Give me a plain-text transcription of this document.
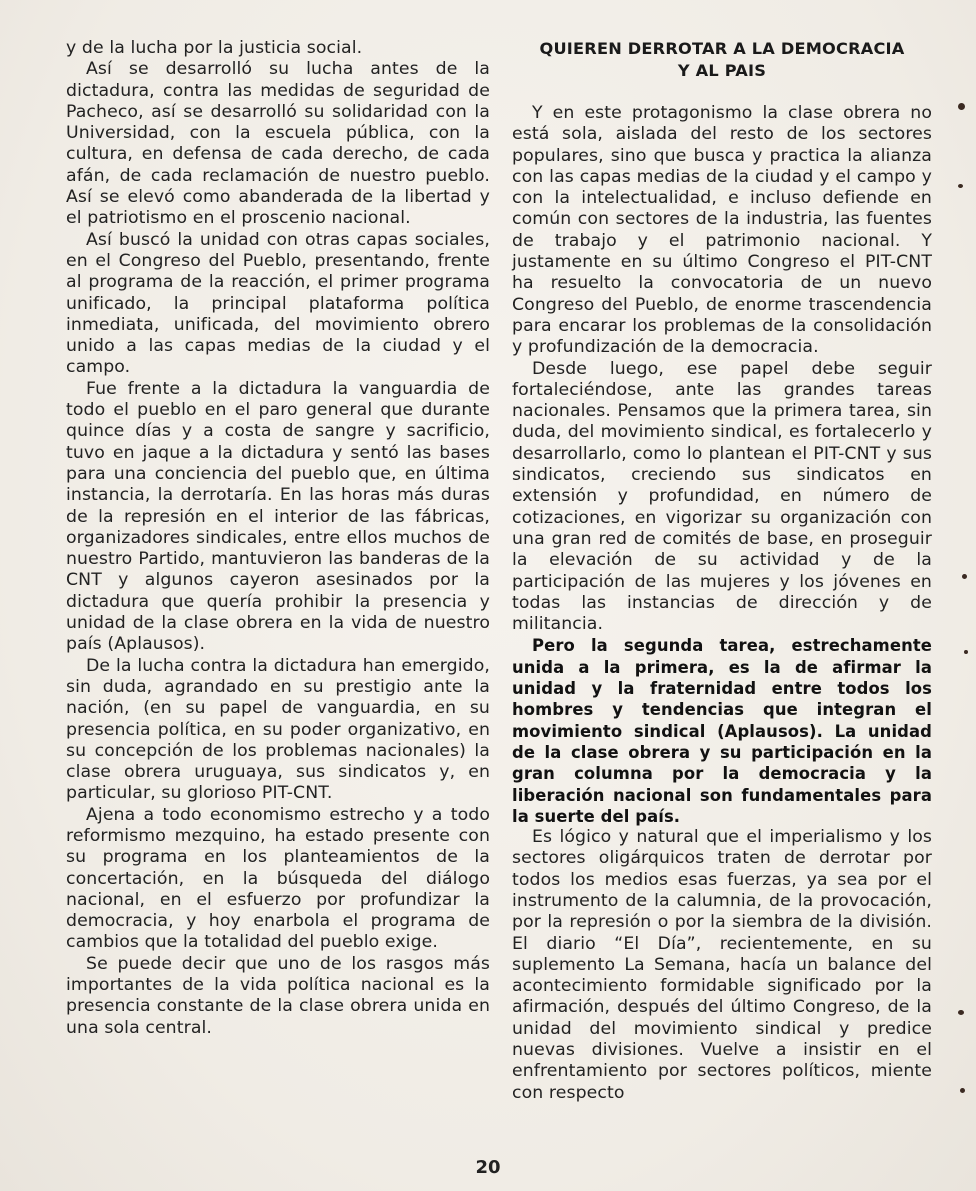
y de la lucha por la justicia social.

Así se desarrolló su lucha antes de la dictadura, contra las medidas de seguridad de Pacheco, así se desarrolló su solidaridad con la Universidad, con la escuela pública, con la cultura, en defensa de cada derecho, de cada afán, de cada reclamación de nuestro pueblo. Así se elevó como abanderada de la libertad y el patriotismo en el proscenio nacional.

Así buscó la unidad con otras capas sociales, en el Congreso del Pueblo, presentando, frente al programa de la reacción, el primer programa unificado, la principal plataforma política inmediata, unificada, del movimiento obrero unido a las capas medias de la ciudad y el campo.

Fue frente a la dictadura la vanguardia de todo el pueblo en el paro general que durante quince días y a costa de sangre y sacrificio, tuvo en jaque a la dictadura y sentó las bases para una conciencia del pueblo que, en última instancia, la derrotaría. En las horas más duras de la represión en el interior de las fábricas, organizadores sindicales, entre ellos muchos de nuestro Partido, mantuvieron las banderas de la CNT y algunos cayeron asesinados por la dictadura que quería prohibir la presencia y unidad de la clase obrera en la vida de nuestro país (Aplausos).

De la lucha contra la dictadura han emergido, sin duda, agrandado en su prestigio ante la nación, (en su papel de vanguardia, en su presencia política, en su poder organizativo, en su concepción de los problemas nacionales) la clase obrera uruguaya, sus sindicatos y, en particular, su glorioso PIT-CNT.

Ajena a todo economismo estrecho y a todo reformismo mezquino, ha estado presente con su programa en los planteamientos de la concertación, en la búsqueda del diálogo nacional, en el esfuerzo por profundizar la democracia, y hoy enarbola el programa de cambios que la totalidad del pueblo exige.

Se puede decir que uno de los rasgos más importantes de la vida política nacional es la presencia constante de la clase obrera unida en una sola central.

QUIEREN DERROTAR A LA DEMOCRACIA
Y AL PAIS

Y en este protagonismo la clase obrera no está sola, aislada del resto de los sectores populares, sino que busca y practica la alianza con las capas medias de la ciudad y el campo y con la intelectualidad, e incluso defiende en común con sectores de la industria, las fuentes de trabajo y el patrimonio nacional. Y justamente en su último Congreso el PIT-CNT ha resuelto la convocatoria de un nuevo Congreso del Pueblo, de enorme trascendencia para encarar los problemas de la consolidación y profundización de la democracia.

Desde luego, ese papel debe seguir fortaleciéndose, ante las grandes tareas nacionales. Pensamos que la primera tarea, sin duda, del movimiento sindical, es fortalecerlo y desarrollarlo, como lo plantean el PIT-CNT y sus sindicatos, creciendo sus sindicatos en extensión y profundidad, en número de cotizaciones, en vigorizar su organización con una gran red de comités de base, en proseguir la elevación de su actividad y de la participación de las mujeres y los jóvenes en todas las instancias de dirección y de militancia.

Pero la segunda tarea, estrechamente unida a la primera, es la de afirmar la unidad y la fraternidad entre todos los hombres y tendencias que integran el movimiento sindical (Aplausos). La unidad de la clase obrera y su participación en la gran columna por la democracia y la liberación nacional son fundamentales para la suerte del país.

Es lógico y natural que el imperialismo y los sectores oligárquicos traten de derrotar por todos los medios esas fuerzas, ya sea por el instrumento de la calumnia, de la provocación, por la represión o por la siembra de la división. El diario “El Día”, recientemente, en su suplemento La Semana, hacía un balance del acontecimiento formidable significado por la afirmación, después del último Congreso, de la unidad del movimiento sindical y predice nuevas divisiones. Vuelve a insistir en el enfrentamiento por sectores políticos, miente con respecto

20
